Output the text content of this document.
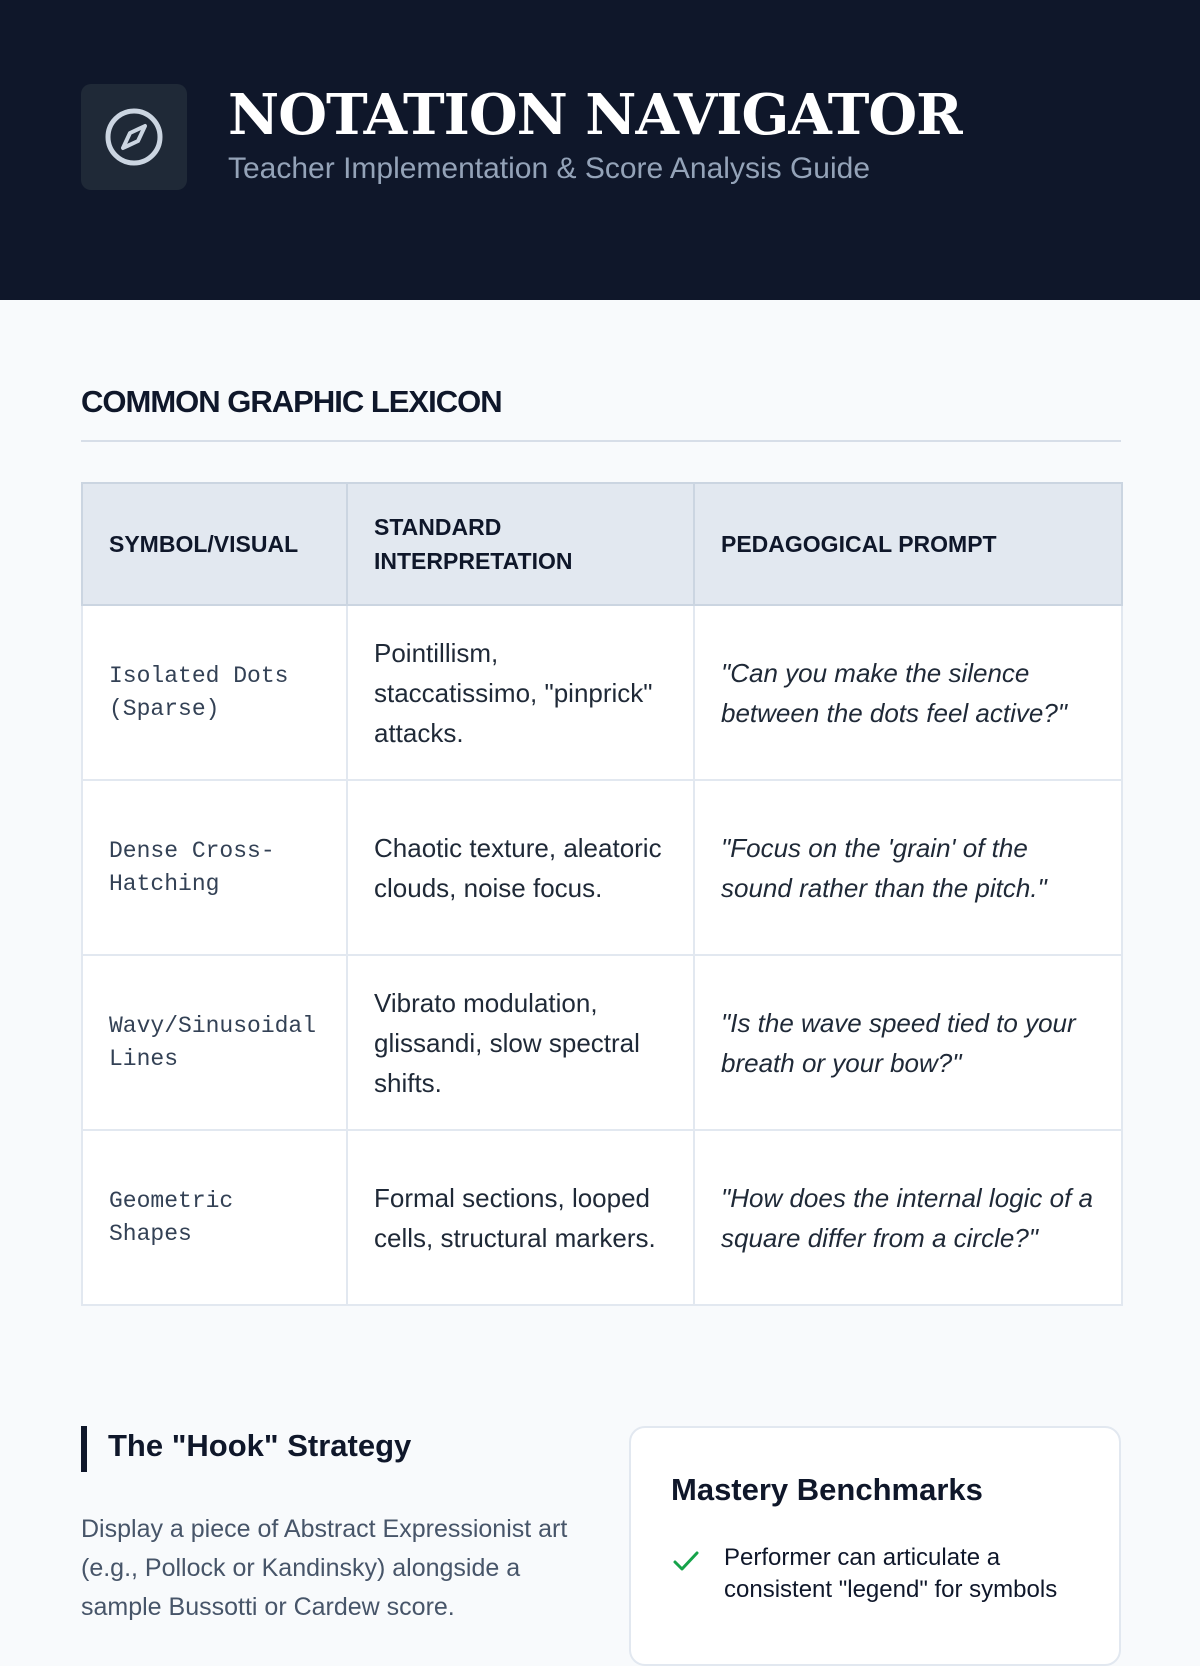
NOTATION NAVIGATOR
Teacher Implementation & Score Analysis Guide
COMMON GRAPHIC LEXICON
SYMBOL/VISUAL	STANDARD INTERPRETATION	PEDAGOGICAL PROMPT
Isolated Dots (Sparse)	Pointillism, staccatissimo, "pinprick" attacks.	"Can you make the silence between the dots feel active?"
Dense Cross-Hatching	Chaotic texture, aleatoric clouds, noise focus.	"Focus on the 'grain' of the sound rather than the pitch."
Wavy/Sinusoidal Lines	Vibrato modulation, glissandi, slow spectral shifts.	"Is the wave speed tied to your breath or your bow?"
Geometric Shapes	Formal sections, looped cells, structural markers.	"How does the internal logic of a square differ from a circle?"
The "Hook" Strategy

Display a piece of Abstract Expressionist art (e.g., Pollock or Kandinsky) alongside a sample Bussotti or Cardew score.

Mastery Benchmarks
Performer can articulate a consistent "legend" for symbols
